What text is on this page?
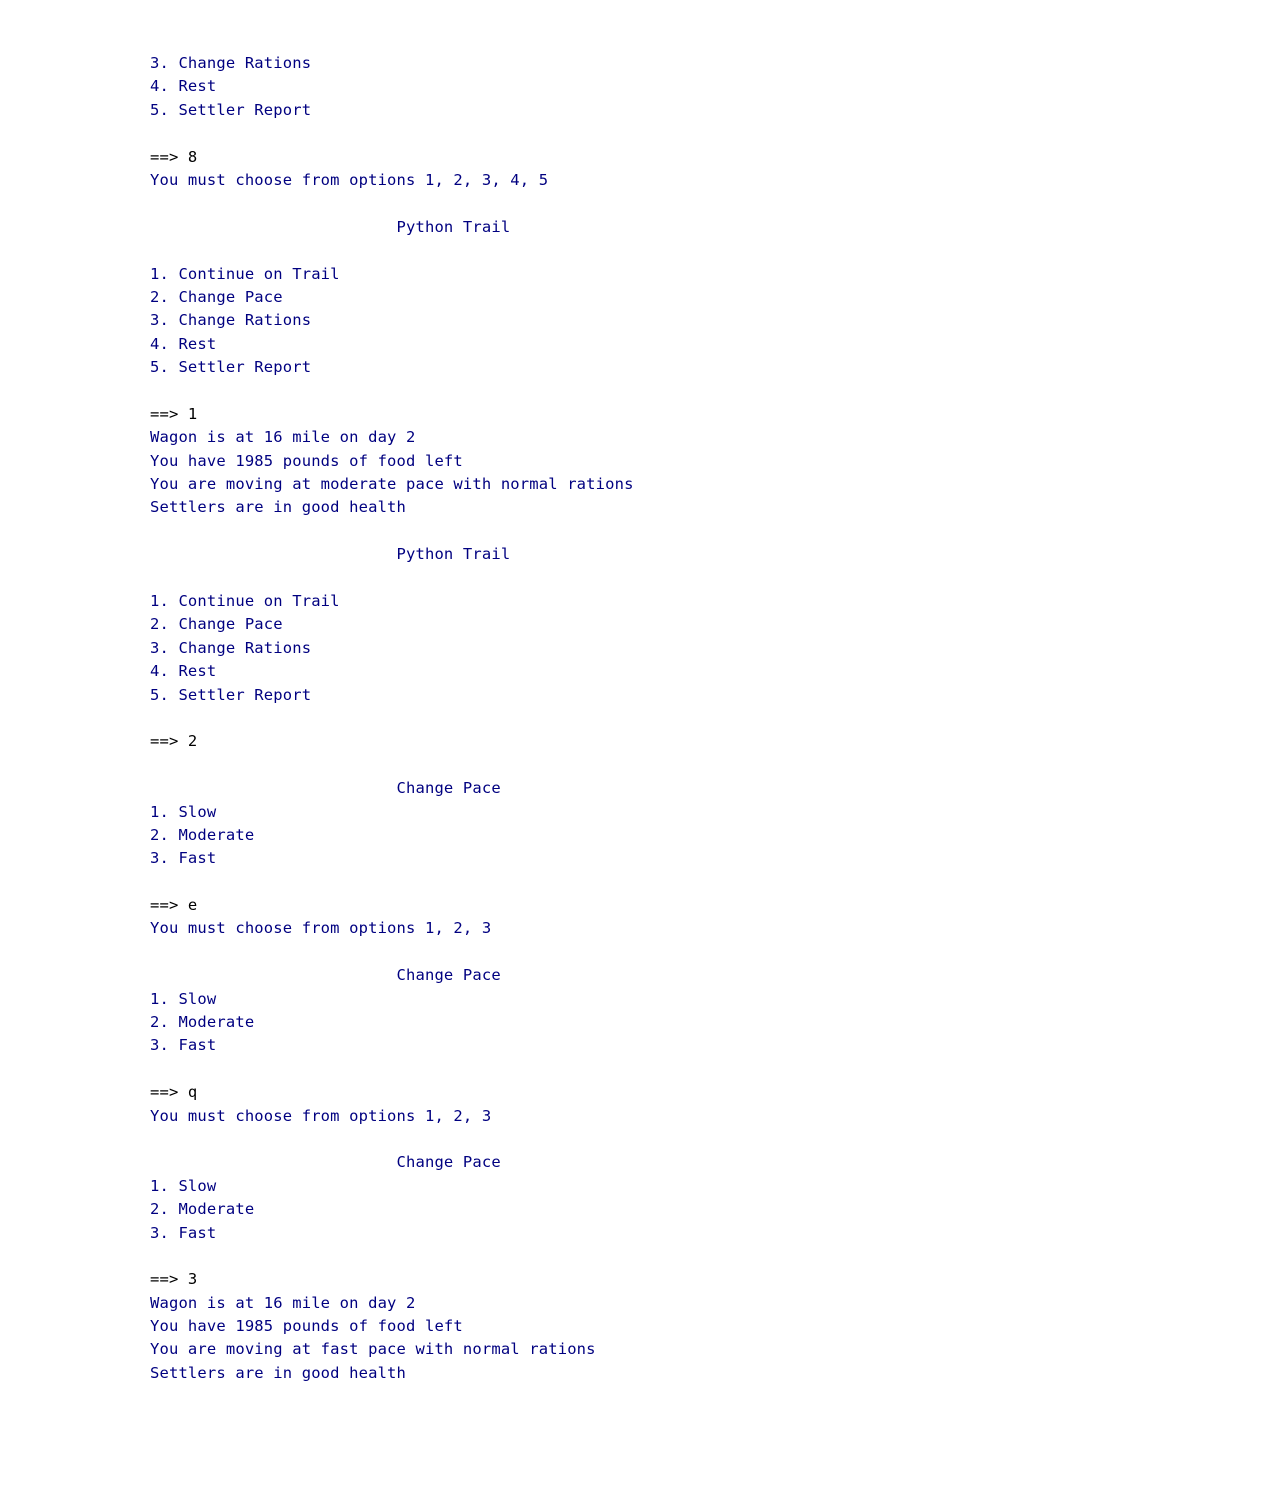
3. Change Rations
4. Rest
5. Settler Report
==> 8
You must choose from options 1, 2, 3, 4, 5
Python Trail
1. Continue on Trail
2. Change Pace
3. Change Rations
4. Rest
5. Settler Report
==> 1
Wagon is at 16 mile on day 2
You have 1985 pounds of food left
You are moving at moderate pace with normal rations
Settlers are in good health
Python Trail
1. Continue on Trail
2. Change Pace
3. Change Rations
4. Rest
5. Settler Report
==> 2
Change Pace
1. Slow
2. Moderate
3. Fast
==> e
You must choose from options 1, 2, 3
Change Pace
1. Slow
2. Moderate
3. Fast
==> q
You must choose from options 1, 2, 3
Change Pace
1. Slow
2. Moderate
3. Fast
==> 3
Wagon is at 16 mile on day 2
You have 1985 pounds of food left
You are moving at fast pace with normal rations
Settlers are in good health
